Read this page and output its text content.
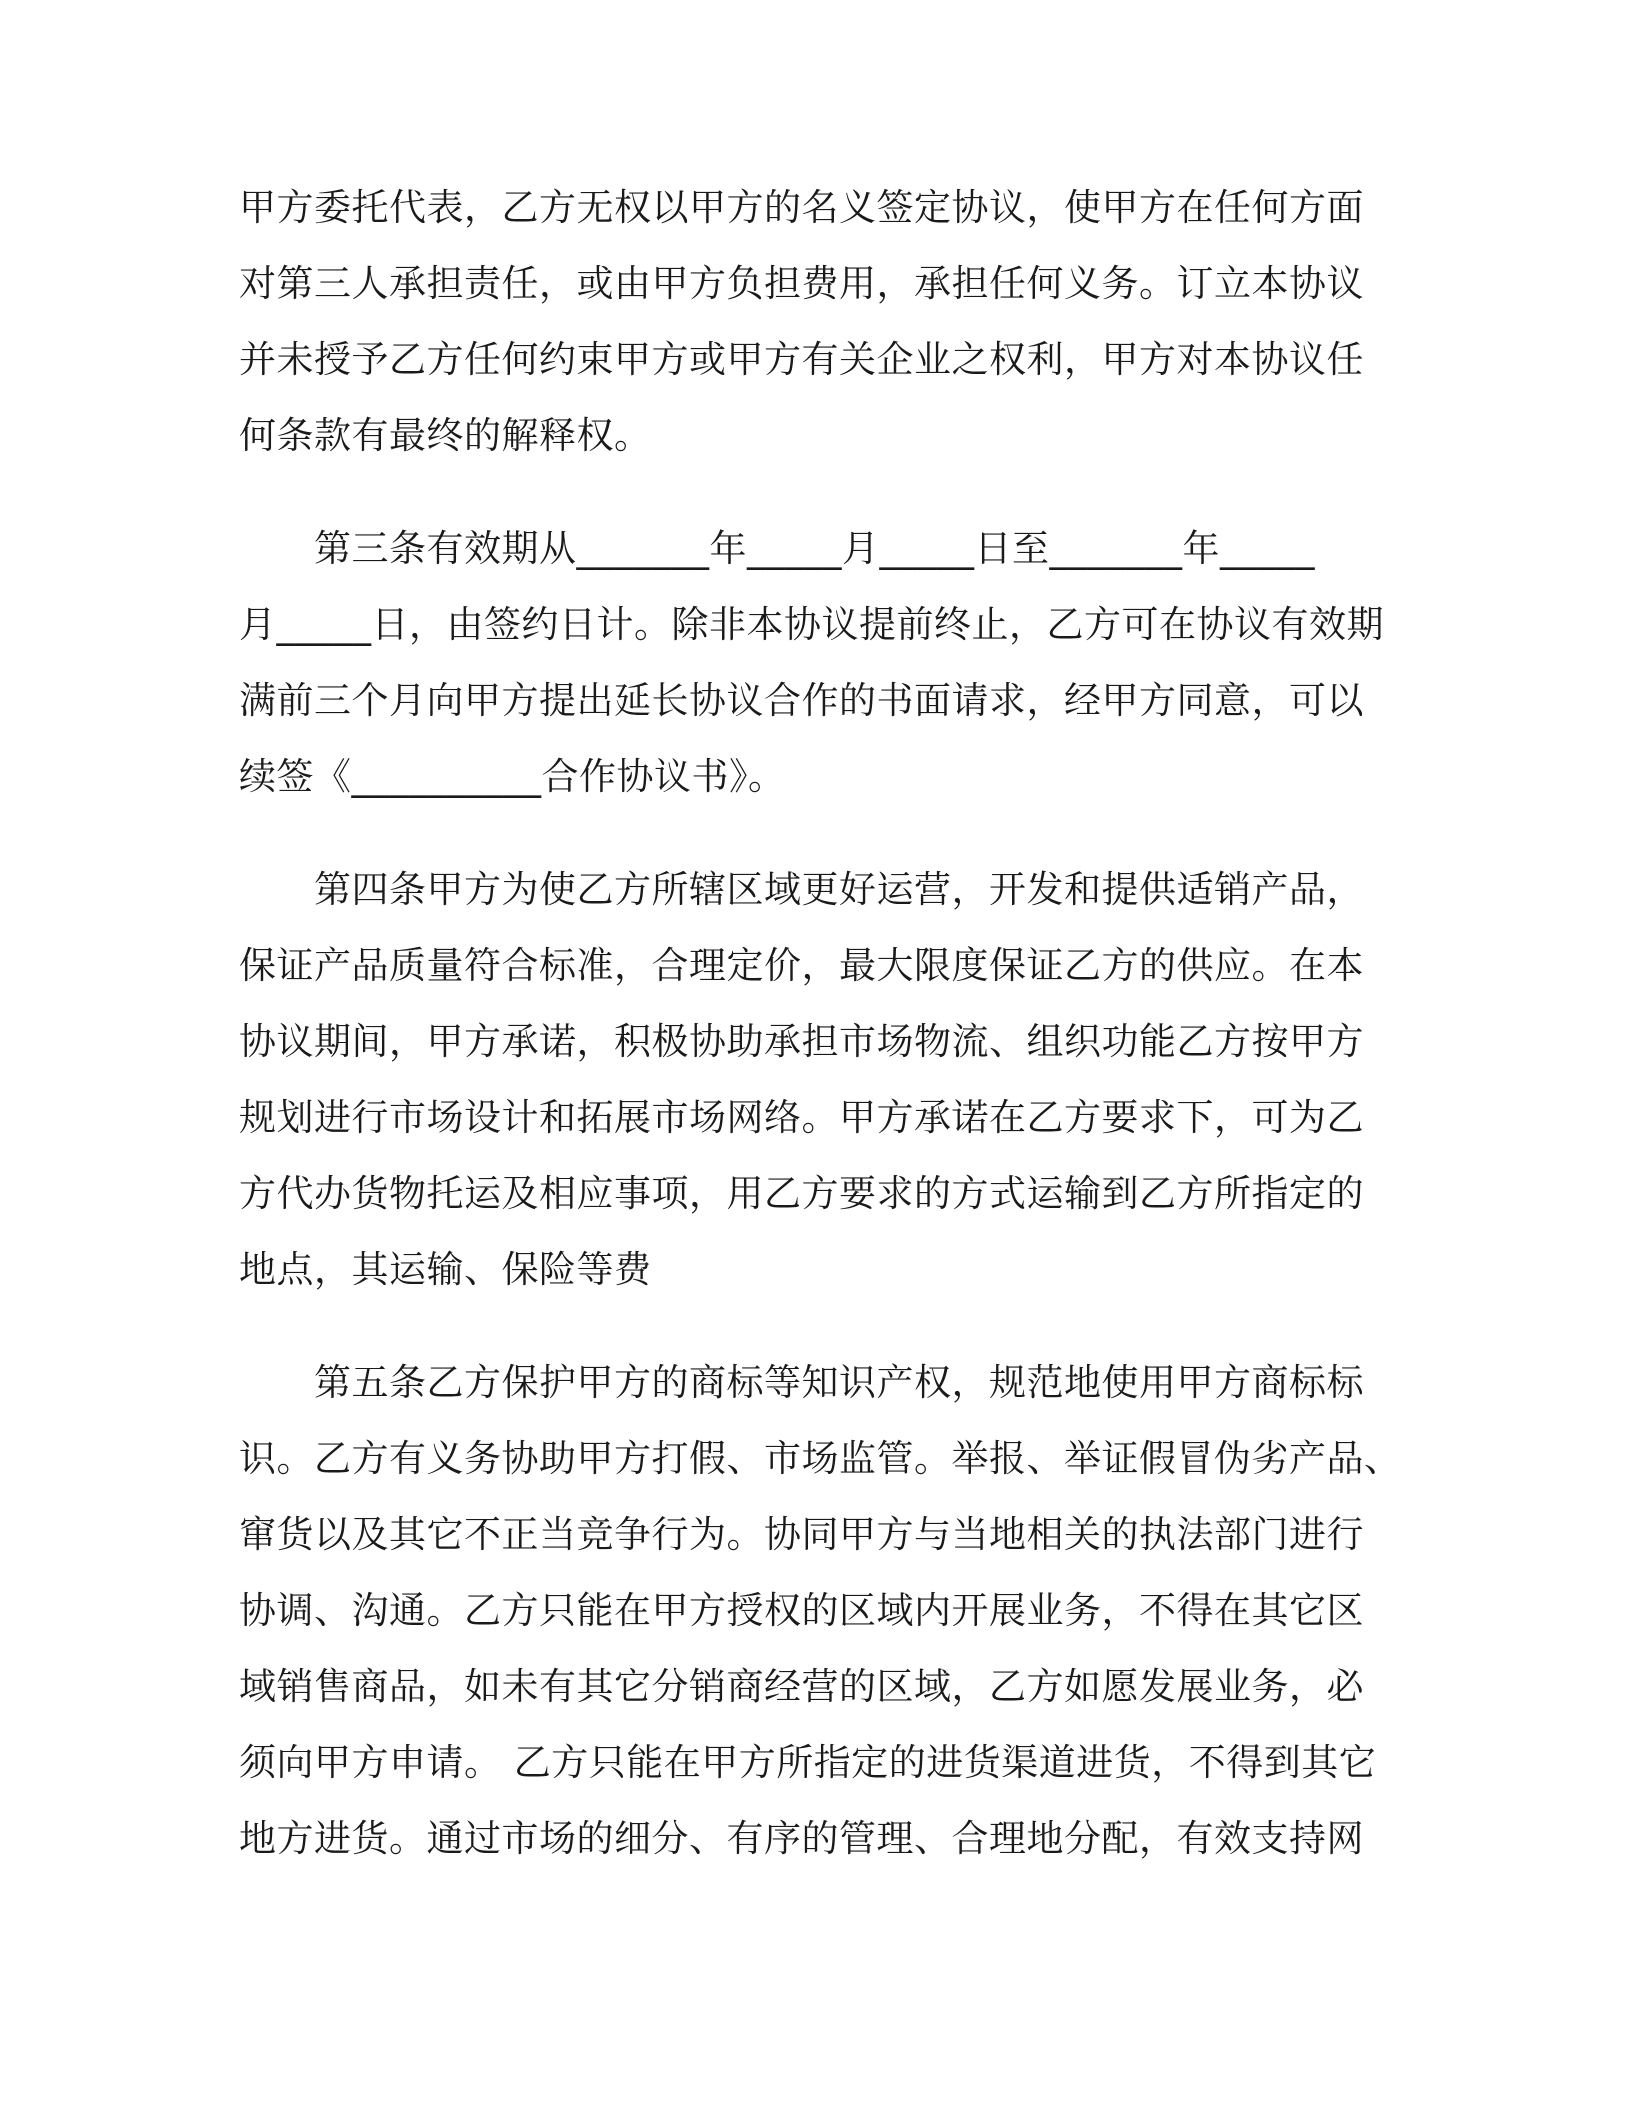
甲方委托代表，乙方无权以甲方的名义签定协议，使甲方在任何方面
对第三人承担责任，或由甲方负担费用，承担任何义务。订立本协议
并未授予乙方任何约束甲方或甲方有关企业之权利，甲方对本协议任
何条款有最终的解释权。
第三条有效期从_______年_____月_____日至_______年_____
月_____日，由签约日计。除非本协议提前终止，乙方可在协议有效期
满前三个月向甲方提出延长协议合作的书面请求，经甲方同意，可以
续签《__________合作协议书》。
第四条甲方为使乙方所辖区域更好运营，开发和提供适销产品，
保证产品质量符合标准，合理定价，最大限度保证乙方的供应。在本
协议期间，甲方承诺，积极协助承担市场物流、组织功能乙方按甲方
规划进行市场设计和拓展市场网络。甲方承诺在乙方要求下，可为乙
方代办货物托运及相应事项，用乙方要求的方式运输到乙方所指定的
地点，其运输、保险等费
第五条乙方保护甲方的商标等知识产权，规范地使用甲方商标标
识。乙方有义务协助甲方打假、市场监管。举报、举证假冒伪劣产品、
窜货以及其它不正当竞争行为。协同甲方与当地相关的执法部门进行
协调、沟通。乙方只能在甲方授权的区域内开展业务，不得在其它区
域销售商品，如未有其它分销商经营的区域，乙方如愿发展业务，必
须向甲方申请。 乙方只能在甲方所指定的进货渠道进货，不得到其它
地方进货。通过市场的细分、有序的管理、合理地分配，有效支持网
